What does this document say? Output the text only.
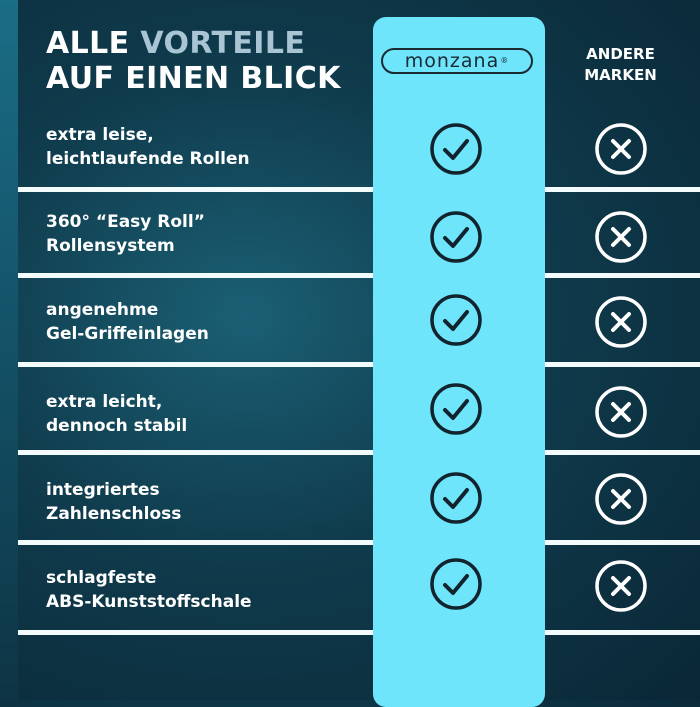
ALLE VORTEILE
AUF EINEN BLICK
monzana ®	ANDERE
MARKEN
extra leise,
leichtlaufende Rollen
360° “Easy Roll”
Rollensystem
angenehme
Gel-Griffeinlagen
extra leicht,
dennoch stabil
integriertes
Zahlenschloss
schlagfeste
ABS-Kunststoffschale
